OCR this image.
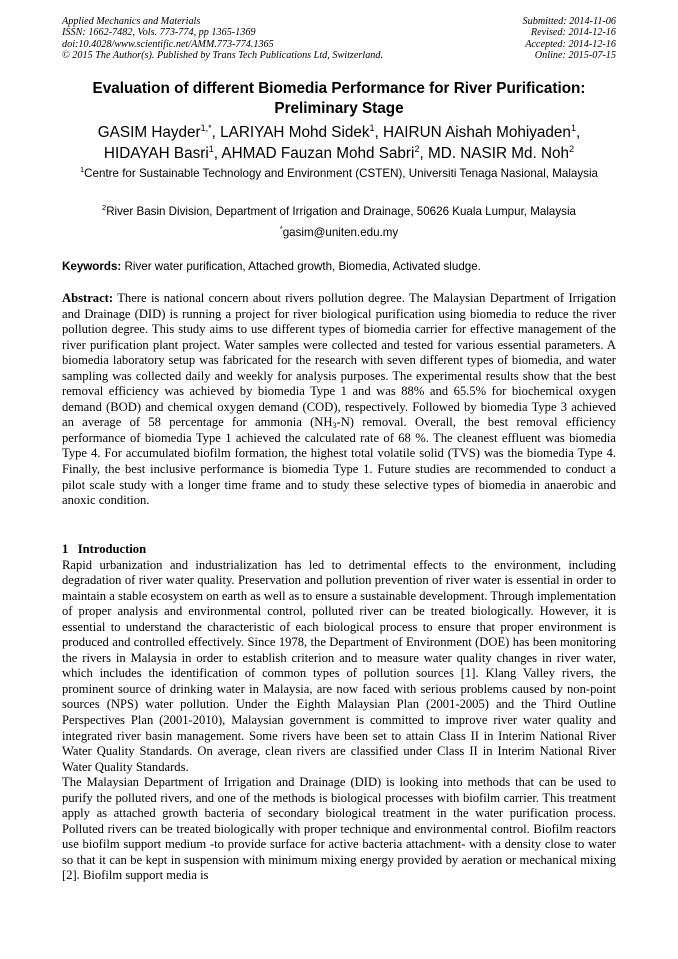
Applied Mechanics and Materials	Submitted: 2014-11-06
ISSN: 1662-7482, Vols. 773-774, pp 1365-1369	Revised: 2014-12-16
doi:10.4028/www.scientific.net/AMM.773-774.1365	Accepted: 2014-12-16
© 2015 The Author(s). Published by Trans Tech Publications Ltd, Switzerland.	Online: 2015-07-15
Evaluation of different Biomedia Performance for River Purification:
Preliminary Stage
GASIM Hayder$^{1,*}$, LARIYAH Mohd Sidek$^1$, HAIRUN Aishah Mohiyaden$^1$,
HIDAYAH Basri$^1$, AHMAD Fauzan Mohd Sabri$^2$, MD. NASIR Md. Noh$^2$
$^1$Centre for Sustainable Technology and Environment (CSTEN), Universiti Tenaga Nasional, Malaysia
$^2$River Basin Division, Department of Irrigation and Drainage, 50626 Kuala Lumpur, Malaysia
*gasim@uniten.edu.my
Keywords: River water purification, Attached growth, Biomedia, Activated sludge.

Abstract: There is national concern about rivers pollution degree. The Malaysian Department of Irrigation and Drainage (DID) is running a project for river biological purification using biomedia to reduce the river pollution degree. This study aims to use different types of biomedia carrier for effective management of the river purification plant project. Water samples were collected and tested for various essential parameters. A biomedia laboratory setup was fabricated for the research with seven different types of biomedia, and water sampling was collected daily and weekly for analysis purposes. The experimental results show that the best removal efficiency was achieved by biomedia Type 1 and was 88% and 65.5% for biochemical oxygen demand (BOD) and chemical oxygen demand (COD), respectively. Followed by biomedia Type 3 achieved an average of 58 percentage for ammonia $(NH_3-N)$ removal. Overall, the best removal efficiency performance of biomedia Type 1 achieved the calculated rate of 68 %. The cleanest effluent was biomedia Type 4. For accumulated biofilm formation, the highest total volatile solid (TVS) was the biomedia Type 4. Finally, the best inclusive performance is biomedia Type 1. Future studies are recommended to conduct a pilot scale study with a longer time frame and to study these selective types of biomedia in anaerobic and anoxic condition.

1   Introduction

Rapid urbanization and industrialization has led to detrimental effects to the environment, including degradation of river water quality. Preservation and pollution prevention of river water is essential in order to maintain a stable ecosystem on earth as well as to ensure a sustainable development. Through implementation of proper analysis and environmental control, polluted river can be treated biologically. However, it is essential to understand the characteristic of each biological process to ensure that proper environment is produced and controlled effectively. Since 1978, the Department of Environment (DOE) has been monitoring the rivers in Malaysia in order to establish criterion and to measure water quality changes in river water, which includes the identification of common types of pollution sources [1]. Klang Valley rivers, the prominent source of drinking water in Malaysia, are now faced with serious problems caused by non-point sources (NPS) water pollution. Under the Eighth Malaysian Plan (2001-2005) and the Third Outline Perspectives Plan (2001-2010), Malaysian government is committed to improve river water quality and integrated river basin management. Some rivers have been set to attain Class II in Interim National River Water Quality Standards. On average, clean rivers are classified under Class II in Interim National River Water Quality Standards.

The Malaysian Department of Irrigation and Drainage (DID) is looking into methods that can be used to purify the polluted rivers, and one of the methods is biological processes with biofilm carrier. This treatment apply as attached growth bacteria of secondary biological treatment in the water purification process. Polluted rivers can be treated biologically with proper technique and environmental control. Biofilm reactors use biofilm support medium -to provide surface for active bacteria attachment- with a density close to water so that it can be kept in suspension with minimum mixing energy provided by aeration or mechanical mixing [2]. Biofilm support media is
